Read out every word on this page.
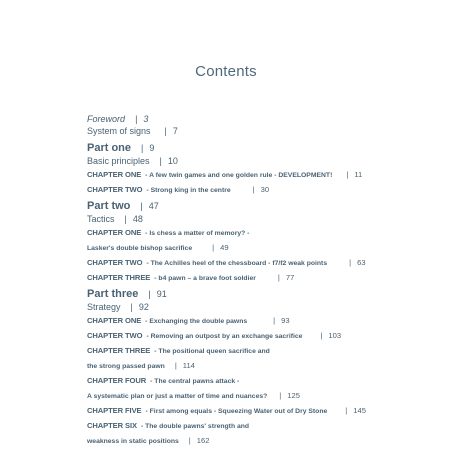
Contents
Foreword | 3
System of signs | 7
Part one | 9
Basic principles | 10
CHAPTER ONE - A few twin games and one golden rule - DEVELOPMENT! | 11
CHAPTER TWO - Strong king in the centre	| 30
Part two | 47
Tactics | 48
CHAPTER ONE - Is chess a matter of memory? -
Lasker's double bishop sacrifice	| 49
CHAPTER TWO - The Achilles heel of the chessboard - f7/f2 weak points	| 63
CHAPTER THREE - b4 pawn – a brave foot soldier	| 77
Part three | 91
Strategy | 92
CHAPTER ONE - Exchanging the double pawns	| 93
CHAPTER TWO - Removing an outpost by an exchange sacrifice | 103
CHAPTER THREE - The positional queen sacrifice and
the strong passed pawn | 114
CHAPTER FOUR - The central pawns attack -
A systematic plan or just a matter of time and nuances? | 125
CHAPTER FIVE - First among equals - Squeezing Water out of Dry Stone | 145
CHAPTER SIX - The double pawns' strength and
weakness in static positions | 162
